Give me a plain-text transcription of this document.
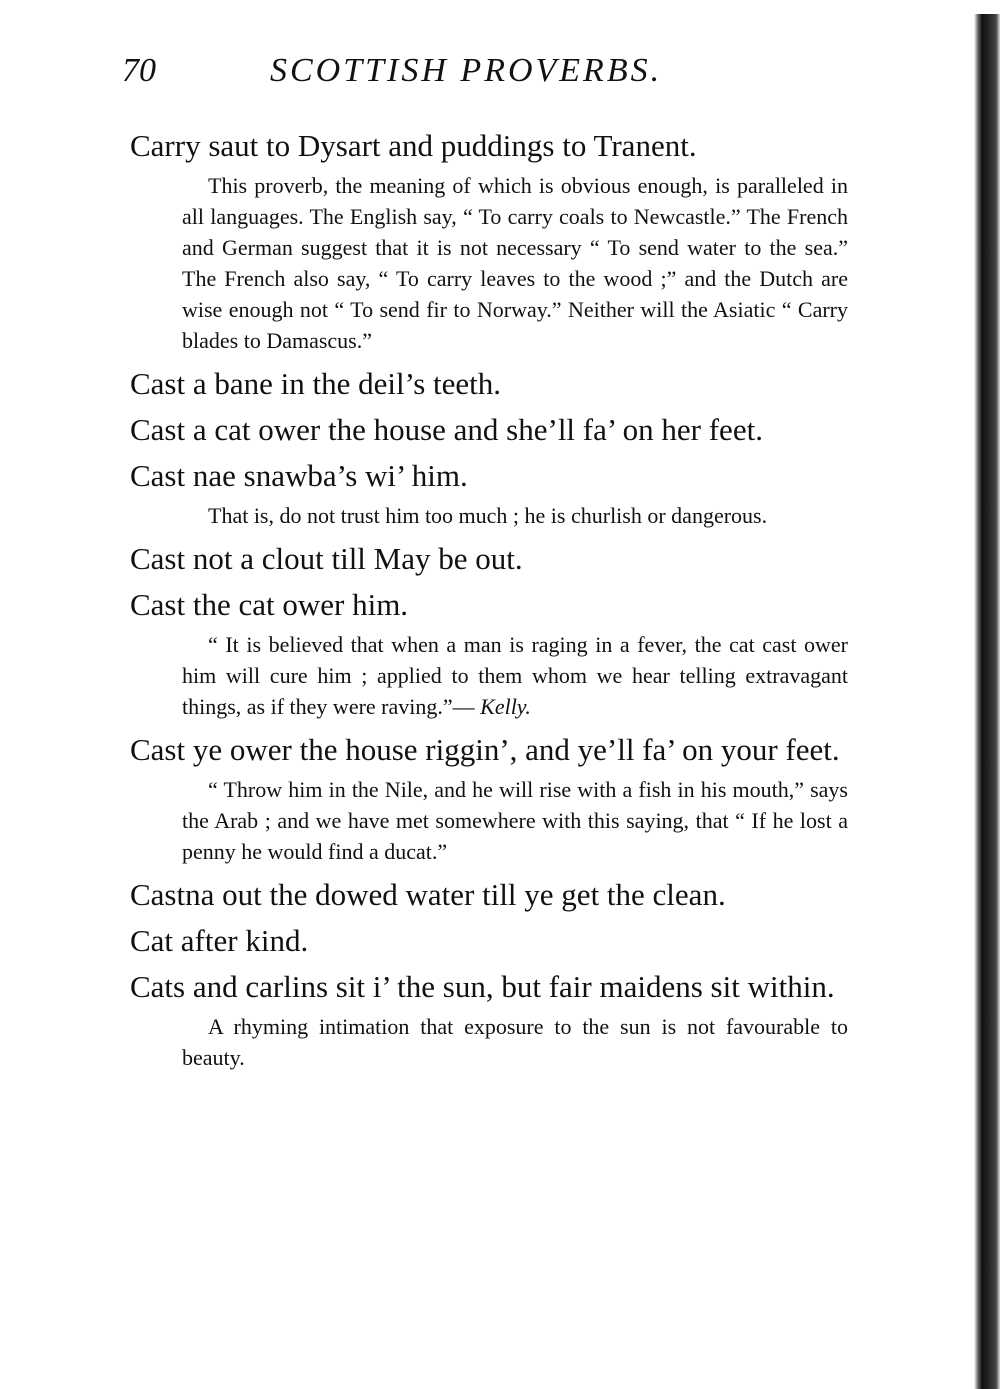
70	SCOTTISH PROVERBS.

Carry saut to Dysart and puddings to Tranent.

This proverb, the meaning of which is obvious enough, is paralleled in all languages. The English say, “ To carry coals to Newcastle.” The French and German suggest that it is not necessary “ To send water to the sea.” The French also say, “ To carry leaves to the wood ;” and the Dutch are wise enough not “ To send fir to Norway.” Neither will the Asiatic “ Carry blades to Damascus.”

Cast a bane in the deil’s teeth.

Cast a cat ower the house and she’ll fa’ on her feet.

Cast nae snawba’s wi’ him.

That is, do not trust him too much ; he is churlish or dangerous.

Cast not a clout till May be out.

Cast the cat ower him.

“ It is believed that when a man is raging in a fever, the cat cast ower him will cure him ; applied to them whom we hear telling extravagant things, as if they were raving.”— Kelly.

Cast ye ower the house riggin’, and ye’ll fa’ on your feet.

“ Throw him in the Nile, and he will rise with a fish in his mouth,” says the Arab ; and we have met somewhere with this saying, that “ If he lost a penny he would find a ducat.”

Castna out the dowed water till ye get the clean.

Cat after kind.

Cats and carlins sit i’ the sun, but fair maidens sit within.

A rhyming intimation that exposure to the sun is not favourable to beauty.
